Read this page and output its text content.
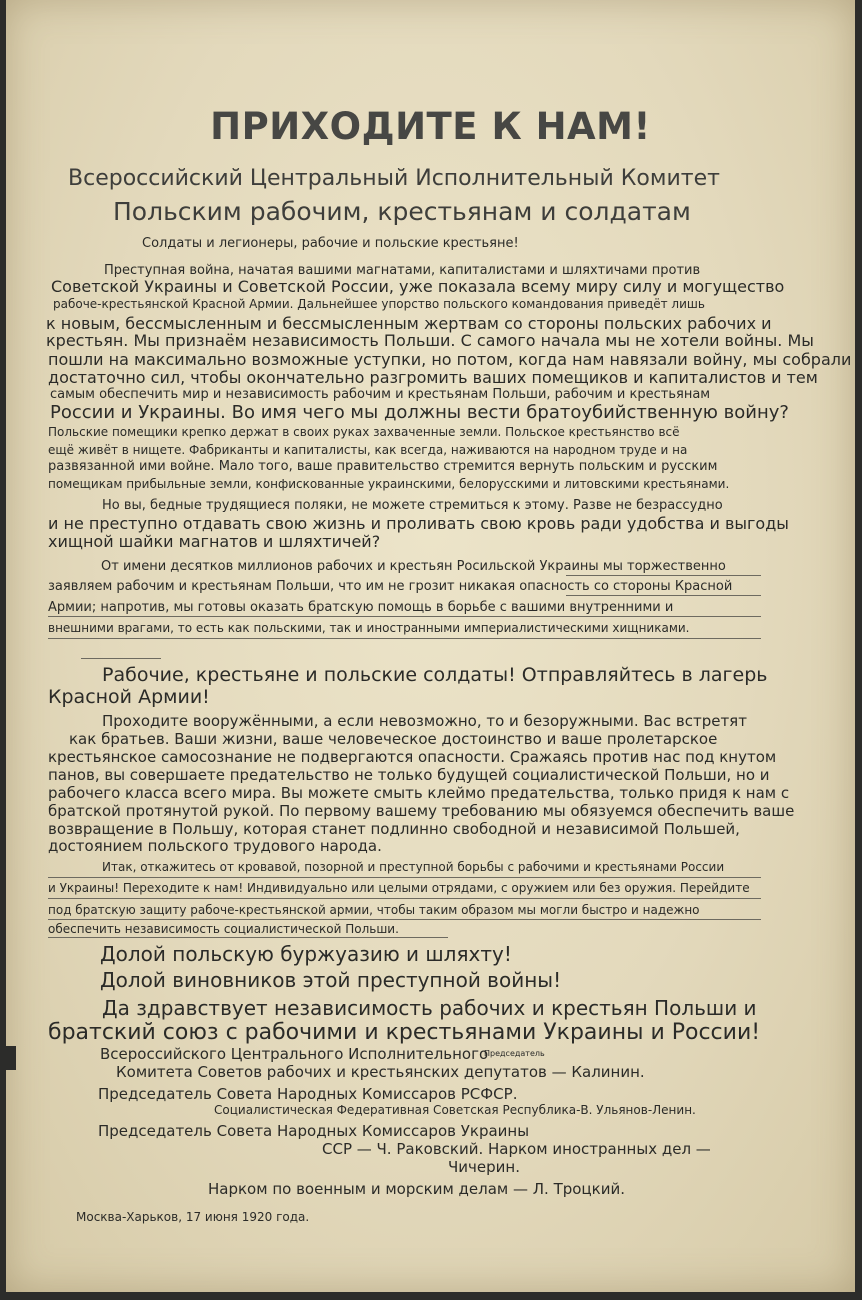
ПРИХОДИТЕ К НАМ!
Всероссийский Центральный Исполнительный Комитет
Польским рабочим, крестьянам и солдатам
Солдаты и легионеры, рабочие и польские крестьяне!
Преступная война, начатая вашими магнатами, капиталистами и шляхтичами против
Советской Украины и Советской России, уже показала всему миру силу и могущество
рабоче-крестьянской Красной Армии. Дальнейшее упорство польского командования приведёт лишь
к новым, бессмысленным и бессмысленным жертвам со стороны польских рабочих и
крестьян. Мы признаём независимость Польши. С самого начала мы не хотели войны. Мы
пошли на максимально возможные уступки, но потом, когда нам навязали войну, мы собрали
достаточно сил, чтобы окончательно разгромить ваших помещиков и капиталистов и тем
самым обеспечить мир и независимость рабочим и крестьянам Польши, рабочим и крестьянам
России и Украины. Во имя чего мы должны вести братоубийственную войну?
Польские помещики крепко держат в своих руках захваченные земли. Польское крестьянство всё
ещё живёт в нищете. Фабриканты и капиталисты, как всегда, наживаются на народном труде и на
развязанной ими войне. Мало того, ваше правительство стремится вернуть польским и русским
помещикам прибыльные земли, конфискованные украинскими, белорусскими и литовскими крестьянами.
Но вы, бедные трудящиеся поляки, не можете стремиться к этому. Разве не безрассудно
и не преступно отдавать свою жизнь и проливать свою кровь ради удобства и выгоды
хищной шайки магнатов и шляхтичей?
От имени десятков миллионов рабочих и крестьян Росильской Украины мы торжественно
заявляем рабочим и крестьянам Польши, что им не грозит никакая опасность со стороны Красной
Армии; напротив, мы готовы оказать братскую помощь в борьбе с вашими внутренними и
внешними врагами, то есть как польскими, так и иностранными империалистическими хищниками.
Рабочие, крестьяне и польские солдаты! Отправляйтесь в лагерь
Красной Армии!
Проходите вооружёнными, а если невозможно, то и безоружными. Вас встретят
как братьев. Ваши жизни, ваше человеческое достоинство и ваше пролетарское
крестьянское самосознание не подвергаются опасности. Сражаясь против нас под кнутом
панов, вы совершаете предательство не только будущей социалистической Польши, но и
рабочего класса всего мира. Вы можете смыть клеймо предательства, только придя к нам с
братской протянутой рукой. По первому вашему требованию мы обязуемся обеспечить ваше
возвращение в Польшу, которая станет подлинно свободной и независимой Польшей,
достоянием польского трудового народа.
Итак, откажитесь от кровавой, позорной и преступной борьбы с рабочими и крестьянами России
и Украины! Переходите к нам! Индивидуально или целыми отрядами, с оружием или без оружия. Перейдите
под братскую защиту рабоче-крестьянской армии, чтобы таким образом мы могли быстро и надежно
обеспечить независимость социалистической Польши.
Долой польскую буржуазию и шляхту!
Долой виновников этой преступной войны!
Да здравствует независимость рабочих и крестьян Польши и
братский союз с рабочими и крестьянами Украины и России!
Всероссийского Центрального Исполнительного
Председатель
Комитета Советов рабочих и крестьянских депутатов — Калинин.
Председатель Совета Народных Комиссаров РСФСР.
Социалистическая Федеративная Советская Республика-В. Ульянов-Ленин.
Председатель Совета Народных Комиссаров Украины
ССР — Ч. Раковский. Нарком иностранных дел —
Чичерин.
Нарком по военным и морским делам — Л. Троцкий.
Москва-Харьков, 17 июня 1920 года.
